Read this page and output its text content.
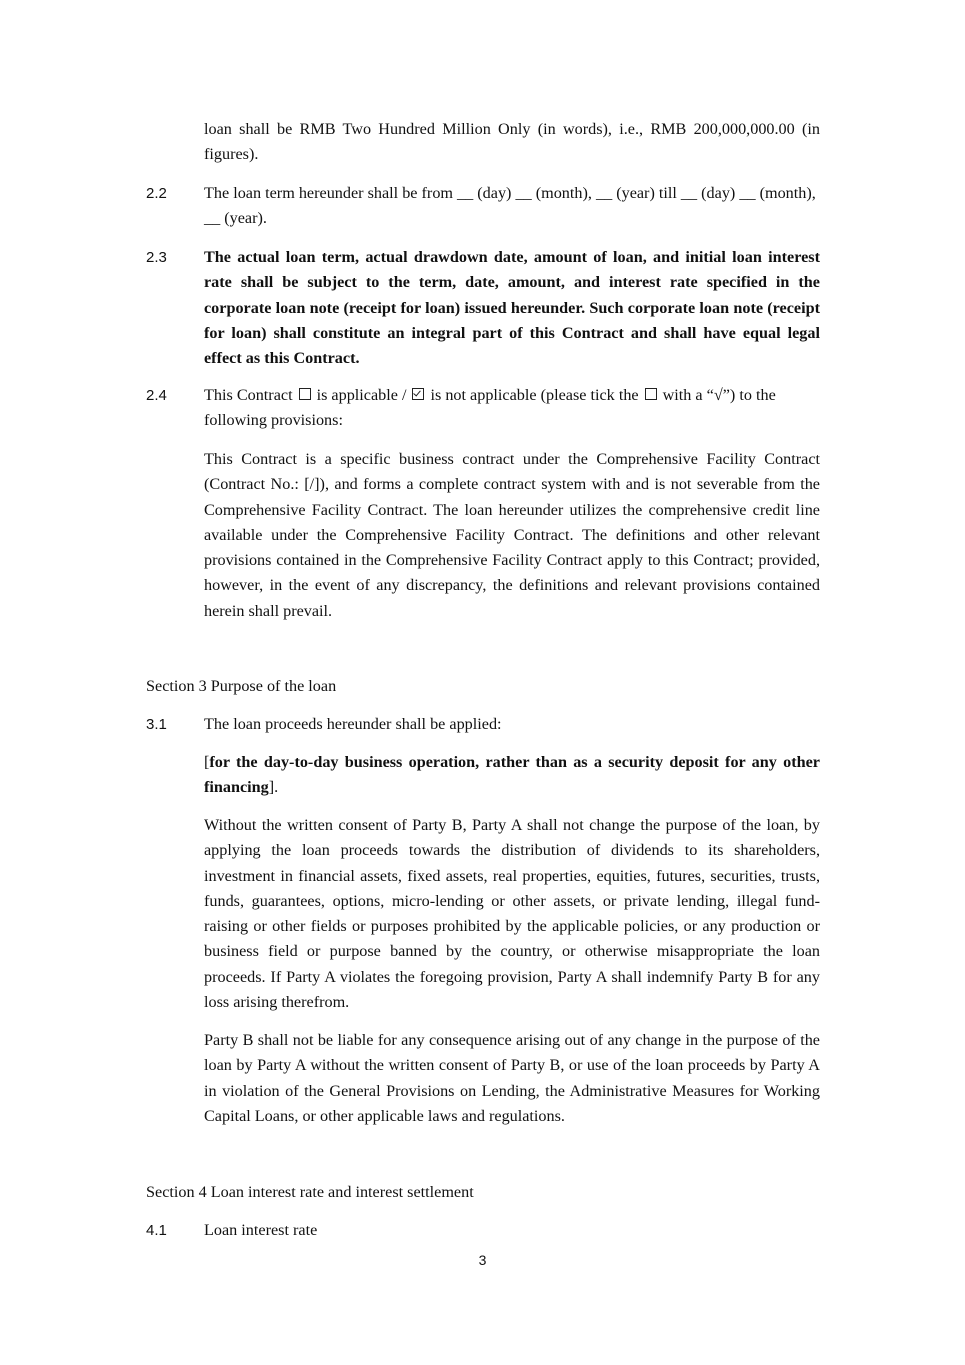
loan shall be RMB Two Hundred Million Only (in words), i.e., RMB 200,000,000.00 (in figures).
2.2 The loan term hereunder shall be from __ (day) __ (month), __ (year) till __ (day) __ (month), __ (year).
2.3 The actual loan term, actual drawdown date, amount of loan, and initial loan interest rate shall be subject to the term, date, amount, and interest rate specified in the corporate loan note (receipt for loan) issued hereunder. Such corporate loan note (receipt for loan) shall constitute an integral part of this Contract and shall have equal legal effect as this Contract.
2.4 This Contract is applicable / is not applicable (please tick the with a “√”) to the following provisions:
This Contract is a specific business contract under the Comprehensive Facility Contract (Contract No.: [/]), and forms a complete contract system with and is not severable from the Comprehensive Facility Contract. The loan hereunder utilizes the comprehensive credit line available under the Comprehensive Facility Contract. The definitions and other relevant provisions contained in the Comprehensive Facility Contract apply to this Contract; provided, however, in the event of any discrepancy, the definitions and relevant provisions contained herein shall prevail.
Section 3 Purpose of the loan
3.1 The loan proceeds hereunder shall be applied:
[for the day-to-day business operation, rather than as a security deposit for any other financing].
Without the written consent of Party B, Party A shall not change the purpose of the loan, by applying the loan proceeds towards the distribution of dividends to its shareholders, investment in financial assets, fixed assets, real properties, equities, futures, securities, trusts, funds, guarantees, options, micro-lending or other assets, or private lending, illegal fund-raising or other fields or purposes prohibited by the applicable policies, or any production or business field or purpose banned by the country, or otherwise misappropriate the loan proceeds. If Party A violates the foregoing provision, Party A shall indemnify Party B for any loss arising therefrom.
Party B shall not be liable for any consequence arising out of any change in the purpose of the loan by Party A without the written consent of Party B, or use of the loan proceeds by Party A in violation of the General Provisions on Lending, the Administrative Measures for Working Capital Loans, or other applicable laws and regulations.
Section 4 Loan interest rate and interest settlement
4.1 Loan interest rate
3
